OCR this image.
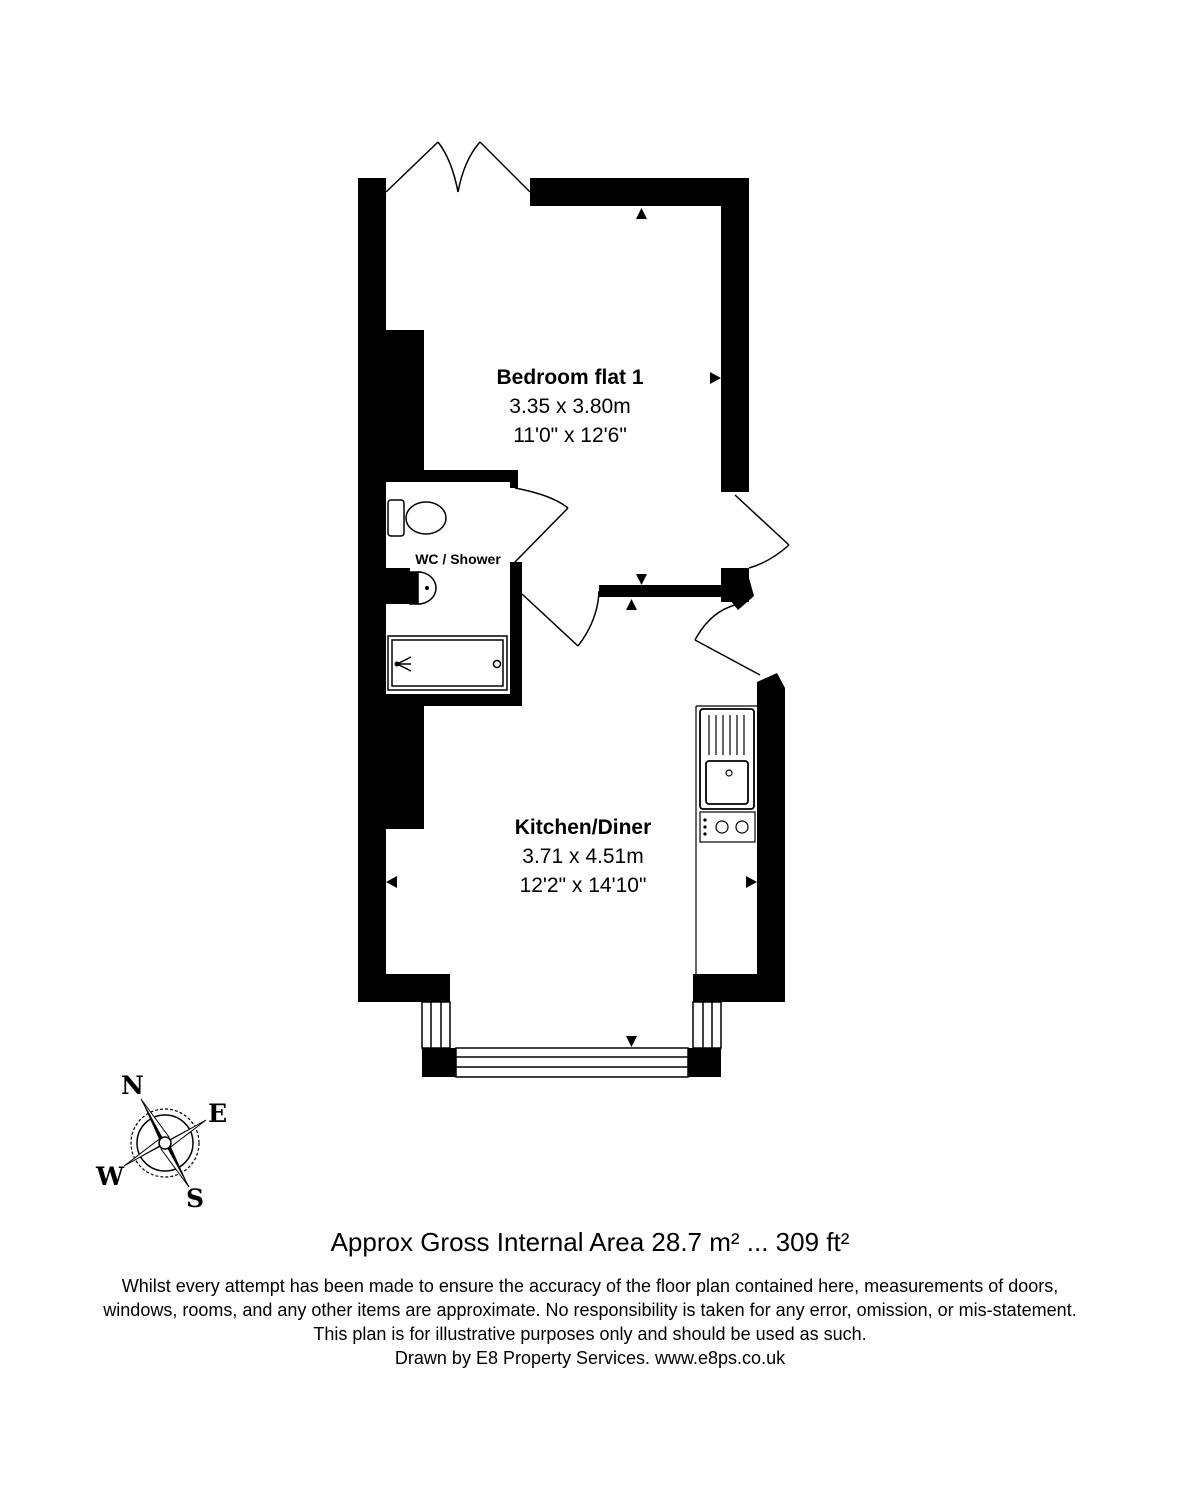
Bedroom flat 1
3.35 x 3.80m
11'0" x 12'6"
Kitchen/Diner
3.71 x 4.51m
12'2" x 14'10"
WC / Shower
N
E
W
S
Approx Gross Internal Area 28.7 m² ... 309 ft²
Whilst every attempt has been made to ensure the accuracy of the floor plan contained here, measurements of doors,
windows, rooms, and any other items are approximate. No responsibility is taken for any error, omission, or mis-statement.
This plan is for illustrative purposes only and should be used as such.
Drawn by E8 Property Services. www.e8ps.co.uk
